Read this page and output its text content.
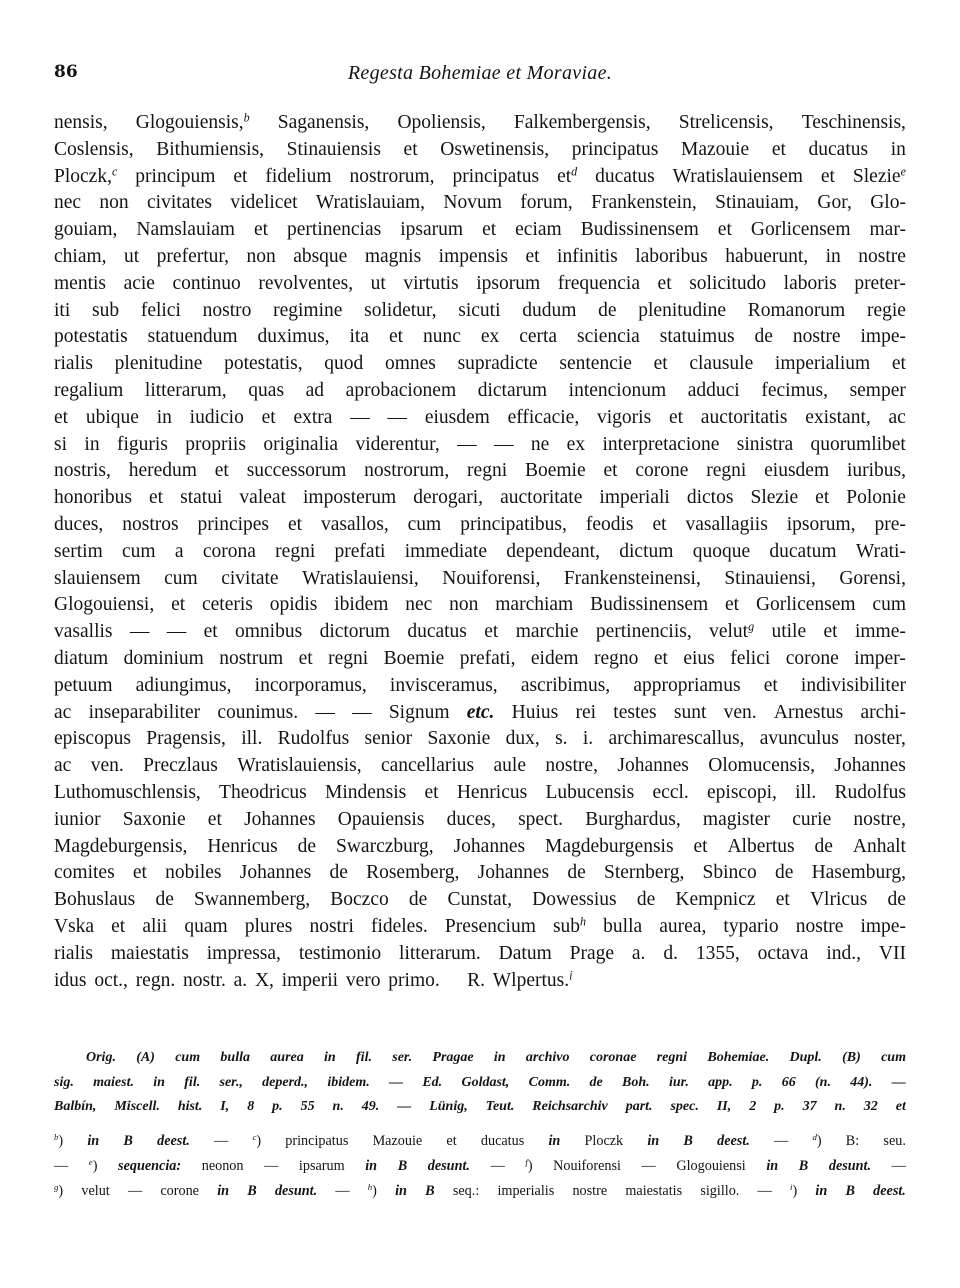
86	Regesta Bohemiae et Moraviae.
nensis, Glogouiensis,$^b$ Saganensis, Opoliensis, Falkembergensis, Strelicensis, Teschinensis,
Coslensis, Bithumiensis, Stinauiensis et Oswetinensis, principatus Mazouie et ducatus in
Ploczk,$^c$ principum et fidelium nostrorum, principatus $et^d$ ducatus Wratislauiensem et Slezie$^e$
nec non civitates videlicet Wratislauiam, Novum forum, Frankenstein, Stinauiam, Gor, Glo-
gouiam, Namslauiam et pertinencias ipsarum et eciam Budissinensem et Gorlicensem mar-
chiam, ut prefertur, non absque magnis impensis et infinitis laboribus habuerunt, in nostre
mentis acie continuo revolventes, ut virtutis ipsorum frequencia et solicitudo laboris preter-
iti sub felici nostro regimine solidetur, sicuti dudum de plenitudine Romanorum regie
potestatis statuendum duximus, ita et nunc ex certa sciencia statuimus de nostre impe-
rialis plenitudine potestatis, quod omnes supradicte sentencie et clausule imperialium et
regalium litterarum, quas ad aprobacionem dictarum intencionum adduci fecimus, semper
et ubique in iudicio et extra — — eiusdem efficacie, vigoris et auctoritatis existant, ac
si in figuris propriis originalia viderentur, — — ne ex interpretacione sinistra quorumlibet
nostris, heredum et successorum nostrorum, regni Boemie et corone regni eiusdem iuribus,
honoribus et statui valeat imposterum derogari, auctoritate imperiali dictos Slezie et Polonie
duces, nostros principes et vasallos, cum principatibus, feodis et vasallagiis ipsorum, pre-
sertim cum a corona regni prefati immediate dependeant, dictum quoque ducatum Wrati-
slauiensem cum civitate Wratislauiensi, Nouiforensi, Frankensteinensi, Stinauiensi, Gorensi,
Glogouiensi, et ceteris opidis ibidem nec non marchiam Budissinensem et Gorlicensem cum
vasallis — — et omnibus dictorum ducatus et marchie pertinenciis, velut$^g$ utile et imme-
diatum dominium nostrum et regni Boemie prefati, eidem regno et eius felici corone imper-
petuum adiungimus, incorporamus, invisceramus, ascribimus, appropriamus et indivisibiliter
ac inseparabiliter counimus. — — Signum etc. Huius rei testes sunt ven. Arnestus archi-
episcopus Pragensis, ill. Rudolfus senior Saxonie dux, s. i. archimarescallus, avunculus noster,
ac ven. Preczlaus Wratislauiensis, cancellarius aule nostre, Johannes Olomucensis, Johannes
Luthomuschlensis, Theodricus Mindensis et Henricus Lubucensis eccl. episcopi, ill. Rudolfus
iunior Saxonie et Johannes Opauiensis duces, spect. Burghardus, magister curie nostre,
Magdeburgensis, Henricus de Swarczburg, Johannes Magdeburgensis et Albertus de Anhalt
comites et nobiles Johannes de Rosemberg, Johannes de Sternberg, Sbinco de Hasemburg,
Bohuslaus de Swannemberg, Boczco de Cunstat, Dowessius de Kempnicz et Vlricus de
Vska et alii quam plures nostri fideles. Presencium sub$^h$ bulla aurea, typario nostre impe-
rialis maiestatis impressa, testimonio litterarum. Datum Prage a. d. 1355, octava ind., VII
idus oct., regn. nostr. a. X, imperii vero primo. R. Wlpertus.$^i$
Orig. (A) cum bulla aurea in fil. ser. Pragae in archivo coronae regni Bohemiae. Dupl. (B) cum
sig. maiest. in fil. ser., deperd., ibidem. — Ed. Goldast, Comm. de Boh. iur. app. p. 66 (n. 44). —
Balbín, Miscell. hist. I, 8 p. 55 n. 49. — Lünig, Teut. Reichsarchiv part. spec. II, 2 p. 37 n. 32 et
$^b$) in B deest. —	$^c$) principatus Mazouie et ducatus in Ploczk in B deest. —	$^d$) B: seu.
— $^e$) sequencia: neonon — ipsarum in B desunt. — $^f$) Nouiforensi — Glogouiensi in B desunt. —
$^g$) velut — corone in B desunt. — $^h$) in B seq.: imperialis nostre maiestatis sigillo. — $^i$) in B deest.
